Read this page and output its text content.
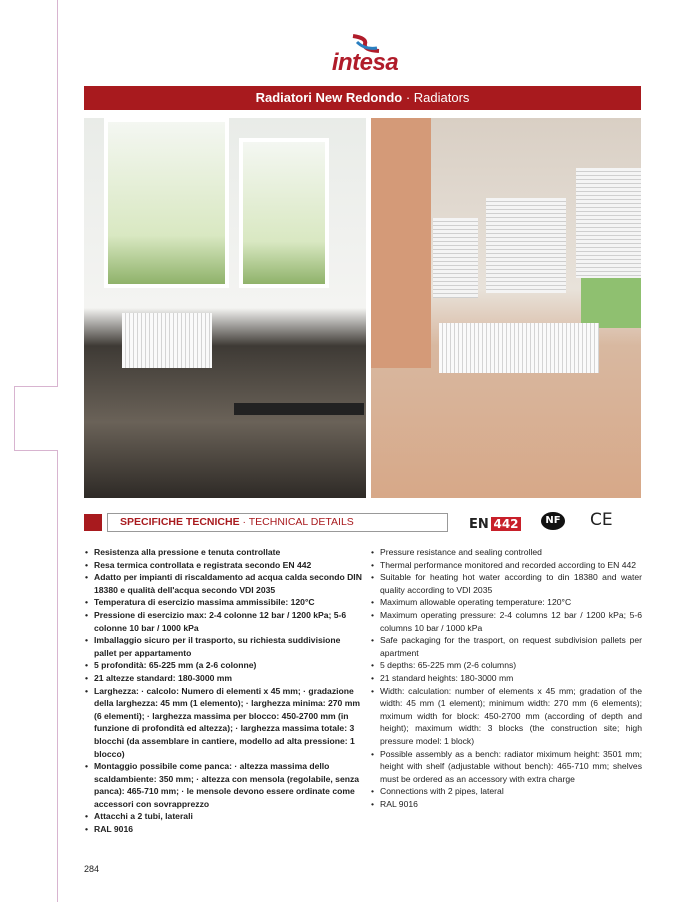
intesa
Radiatori New Redondo · Radiators
SPECIFICHE TECNICHE · TECHNICAL DETAILS	EN 442	NF CE
• Resistenza alla pressione e tenuta controllate
• Resa termica controllata e registrata secondo EN 442
• Adatto per impianti di riscaldamento ad acqua calda secondo DIN 18380 e qualità dell'acqua secondo VDI 2035
• Temperatura di esercizio massima ammissibile: 120°C
• Pressione di esercizio max: 2-4 colonne 12 bar / 1200 kPa; 5-6 colonne 10 bar / 1000 kPa
• Imballaggio sicuro per il trasporto, su richiesta suddivisione pallet per appartamento
• 5 profondità: 65-225 mm (a 2-6 colonne)
• 21 altezze standard: 180-3000 mm
• Larghezza: · calcolo: Numero di elementi x 45 mm; · gradazione della larghezza: 45 mm (1 elemento); · larghezza minima: 270 mm (6 elementi); · larghezza massima per blocco: 450-2700 mm (in funzione di profondità ed altezza); · larghezza massima totale: 3 blocchi (da assemblare in cantiere, modello ad alta pressione: 1 blocco)
• Montaggio possibile come panca: · altezza massima dello scaldambiente: 350 mm; · altezza con mensola (regolabile, senza panca): 465-710 mm; · le mensole devono essere ordinate come accessori con sovrapprezzo
• Attacchi a 2 tubi, laterali
• RAL 9016
• Pressure resistance and sealing controlled
• Thermal performance monitored and recorded according to EN 442
• Suitable for heating hot water according to din 18380 and water quality according to VDI 2035
• Maximum allowable operating temperature: 120°C
• Maximum operating pressure: 2-4 columns 12 bar / 1200 kPa; 5-6 columns 10 bar / 1000 kPa
• Safe packaging for the trasport, on request subdivision pallets per apartment
• 5 depths: 65-225 mm (2-6 columns)
• 21 standard heights: 180-3000 mm
• Width: calculation: number of elements x 45 mm; gradation of the width: 45 mm (1 element); minimum width: 270 mm (6 elements); mximum width for block: 450-2700 mm (according of depth and height); maximum width: 3 blocks (the construction site; high pressure model: 1 block)
• Possible assembly as a bench: radiator miximum height: 3501 mm; height with shelf (adjustable without bench): 465-710 mm; shelves must be ordered as an accessory with extra charge
• Connections with 2 pipes, lateral
• RAL 9016
284
